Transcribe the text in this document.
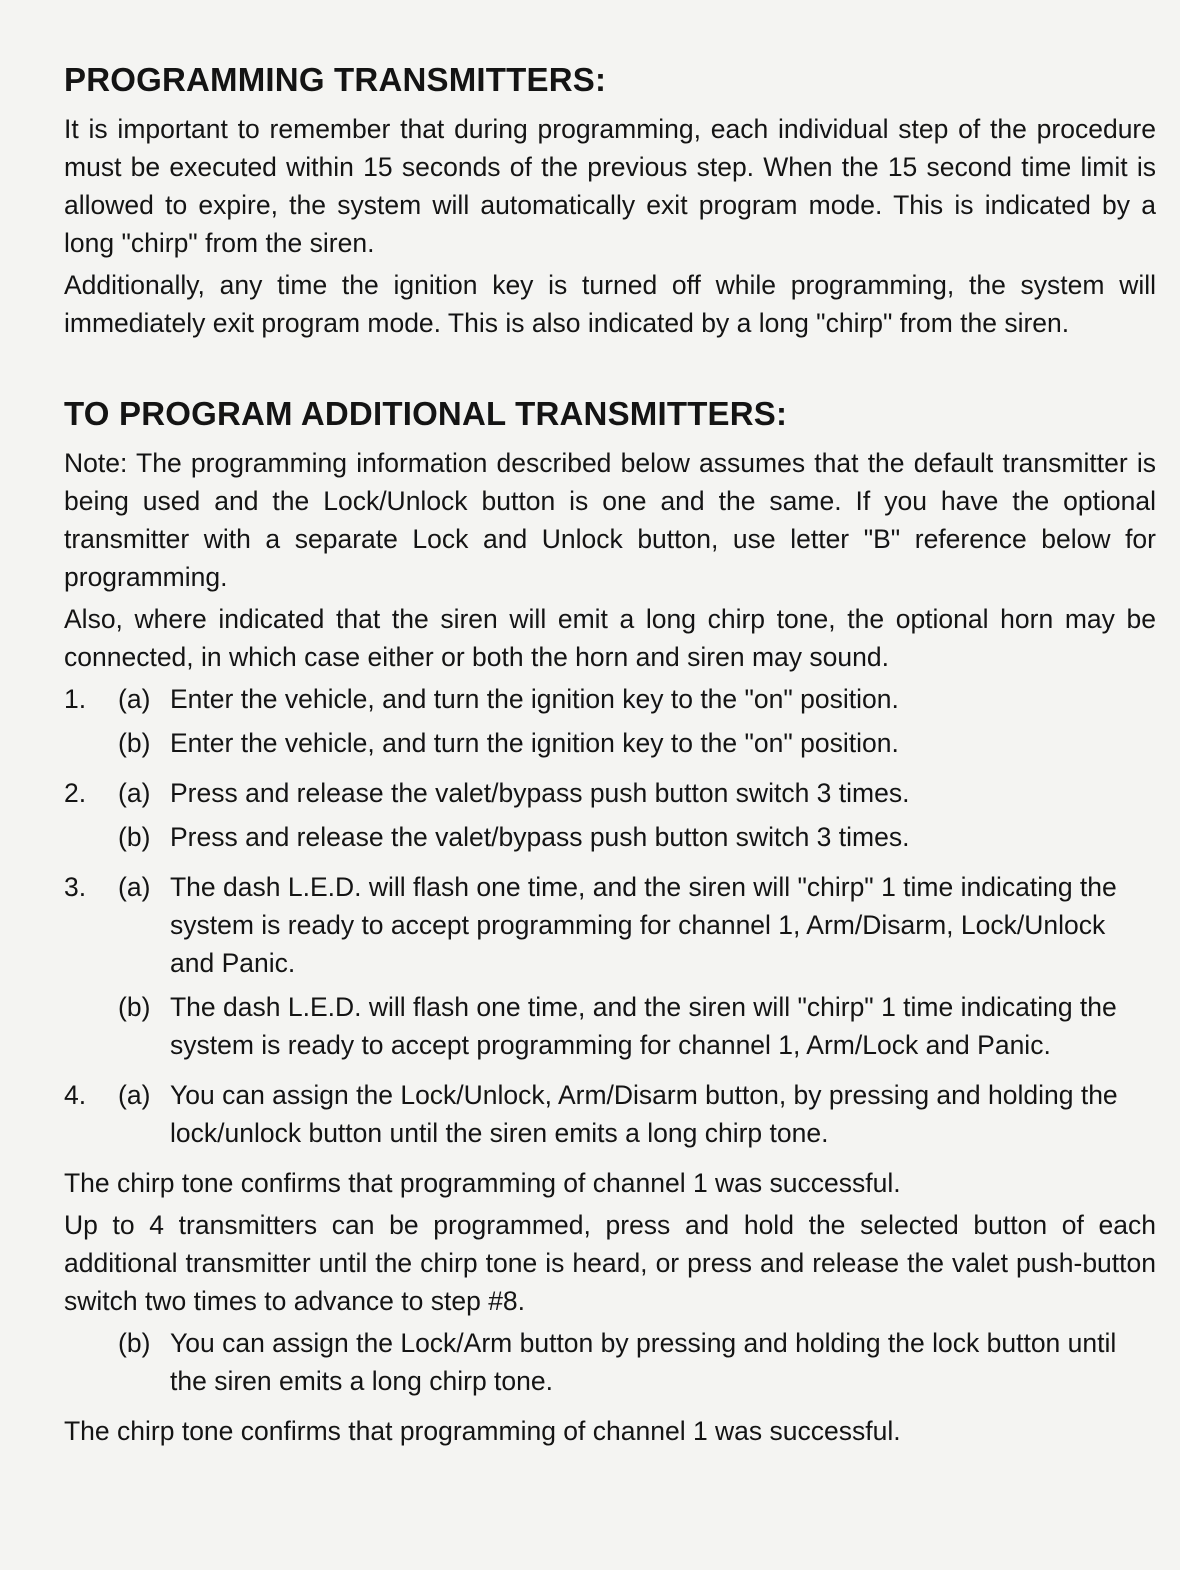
PROGRAMMING TRANSMITTERS:

It is important to remember that during programming, each individual step of the procedure must be executed within 15 seconds of the previous step. When the 15 second time limit is allowed to expire, the system will automatically exit program mode. This is indicated by a long "chirp" from the siren.

Additionally, any time the ignition key is turned off while programming, the system will immediately exit program mode. This is also indicated by a long "chirp" from the siren.

TO PROGRAM ADDITIONAL TRANSMITTERS:

Note: The programming information described below assumes that the default transmitter is being used and the Lock/Unlock button is one and the same. If you have the optional transmitter with a separate Lock and Unlock button, use letter "B" reference below for programming.

Also, where indicated that the siren will emit a long chirp tone, the optional horn may be connected, in which case either or both the horn and siren may sound.

1.	(a) Enter the vehicle, and turn the ignition key to the "on" position.
(b) Enter the vehicle, and turn the ignition key to the "on" position.
2.	(a) Press and release the valet/bypass push button switch 3 times.
(b) Press and release the valet/bypass push button switch 3 times.
3.	(a) The dash L.E.D. will flash one time, and the siren will "chirp" 1 time indicating the system is ready to accept programming for channel 1, Arm/Disarm, Lock/Unlock and Panic.
(b) The dash L.E.D. will flash one time, and the siren will "chirp" 1 time indicating the system is ready to accept programming for channel 1, Arm/Lock and Panic.
4.	(a) You can assign the Lock/Unlock, Arm/Disarm button, by pressing and holding the lock/unlock button until the siren emits a long chirp tone.

The chirp tone confirms that programming of channel 1 was successful.

Up to 4 transmitters can be programmed, press and hold the selected button of each additional transmitter until the chirp tone is heard, or press and release the valet push-button switch two times to advance to step #8.

(b) You can assign the Lock/Arm button by pressing and holding the lock button until the siren emits a long chirp tone.

The chirp tone confirms that programming of channel 1 was successful.
